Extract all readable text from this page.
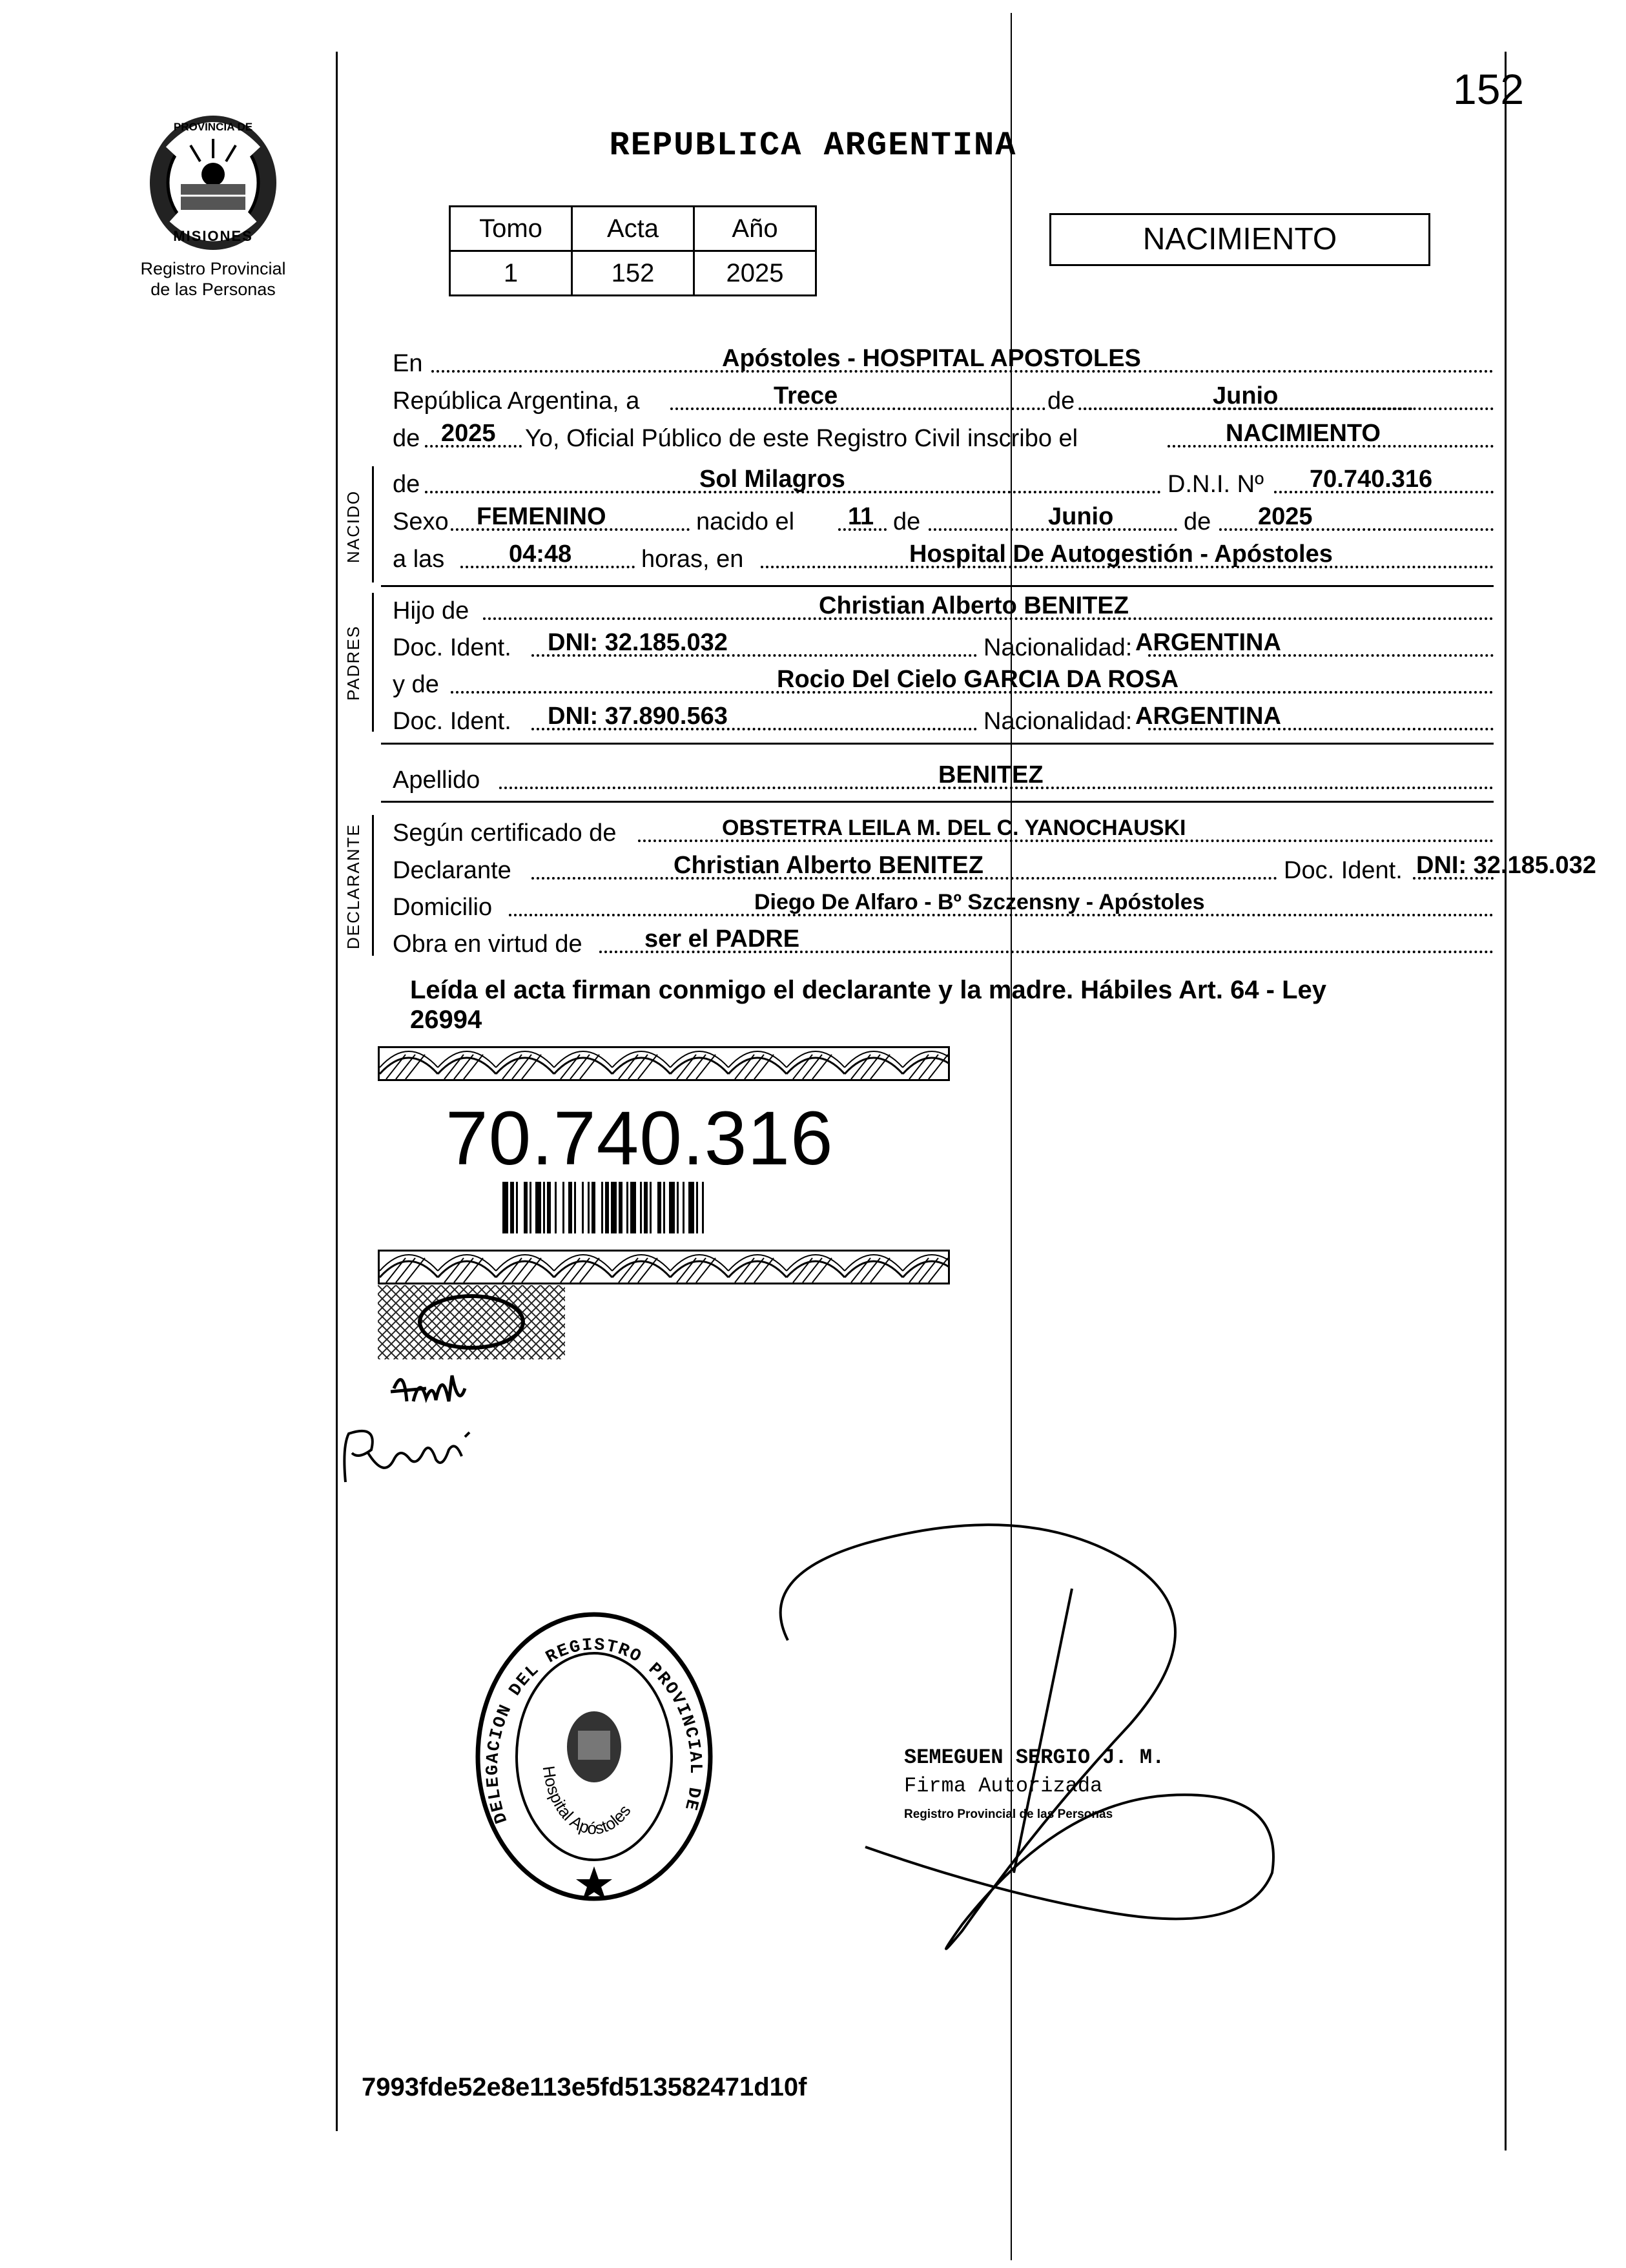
152
PROVINCIA DE
MISIONES
Registro Provincial
de las Personas
REPUBLICA ARGENTINA
Tomo	Acta	Año
1	152	2025
NACIMIENTO
En	Apóstoles - HOSPITAL APOSTOLES
República Argentina, a	Trece	de	Junio
de 2025 Yo, Oficial Público de este Registro Civil inscribo el	NACIMIENTO
NACIDO
de	Sol Milagros	D.N.I. Nº 70.740.316
Sexo FEMENINO	nacido el 11 de	Junio	de 2025
a las	04:48	horas, en	Hospital De Autogestión - Apóstoles
PADRES
Hijo de	Christian Alberto BENITEZ
Doc. Ident. DNI: 32.185.032	Nacionalidad: ARGENTINA
y de	Rocio Del Cielo GARCIA DA ROSA
Doc. Ident. DNI: 37.890.563	Nacionalidad: ARGENTINA
Apellido	BENITEZ
DECLARANTE Según certificado de	OBSTETRA LEILA M. DEL C. YANOCHAUSKI
Declarante	Christian Alberto BENITEZ	Doc. Ident. DNI: 32.185.032
Domicilio	Diego De Alfaro - Bº Szczensny - Apóstoles
Obra en virtud de	ser el PADRE
Leída el acta firman conmigo el declarante y la madre. Hábiles Art. 64 - Ley
26994
70.740.316
DELEGACION DEL REGISTRO PROVINCIAL DE
Hospital Apóstoles
SEMEGUEN SERGIO J. M.
Firma Autorizada
Registro Provincial de las Personas
7993fde52e8e113e5fd513582471d10f
